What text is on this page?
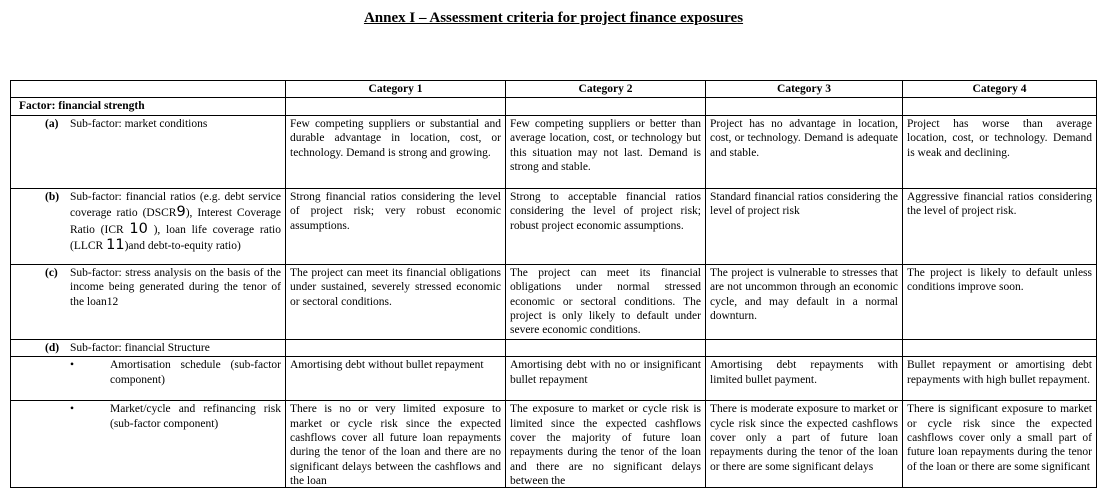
Annex I – Assessment criteria for project finance exposures
	Category 1	Category 2	Category 3	Category 4
Factor: financial strength				

(a) Sub-factor: market conditions	Few competing suppliers or substantial and durable advantage in location, cost, or technology. Demand is strong and growing.	Few competing suppliers or better than average location, cost, or technology but this situation may not last. Demand is strong and stable.	Project has no advantage in location, cost, or technology. Demand is adequate and stable.	Project has worse than average location, cost, or technology. Demand is weak and declining.

(b) Sub-factor: financial ratios (e.g. debt service coverage ratio (DSCR9), Interest Coverage Ratio (ICR 10 ), loan life coverage ratio (LLCR 11)and debt-to-equity ratio)	Strong financial ratios considering the level of project risk; very robust economic assumptions.	Strong to acceptable financial ratios considering the level of project risk; robust project economic assumptions.	Standard financial ratios considering the level of project risk	Aggressive financial ratios considering the level of project risk.

(c) Sub-factor: stress analysis on the basis of the income being generated during the tenor of the loan12	The project can meet its financial obligations under sustained, severely stressed economic or sectoral conditions.	The project can meet its financial obligations under normal stressed economic or sectoral conditions. The project is only likely to default under severe economic conditions.	The project is vulnerable to stresses that are not uncommon through an economic cycle, and may default in a normal downturn.	The project is likely to default unless conditions improve soon.

(d) Sub-factor: financial Structure				

• Amortisation schedule (sub-factor component)	Amortising debt without bullet repayment	Amortising debt with no or insignificant bullet repayment	Amortising debt repayments with limited bullet payment.	Bullet repayment or amortising debt repayments with high bullet repayment.

• Market/cycle and refinancing risk (sub-factor component)	There is no or very limited exposure to market or cycle risk since the expected cashflows cover all future loan repayments during the tenor of the loan and there are no significant delays between the cashflows and the loan	The exposure to market or cycle risk is limited since the expected cashflows cover the majority of future loan repayments during the tenor of the loan and there are no significant delays between the	There is moderate exposure to market or cycle risk since the expected cashflows cover only a part of future loan repayments during the tenor of the loan or there are some significant delays	There is significant exposure to market or cycle risk since the expected cashflows cover only a small part of future loan repayments during the tenor of the loan or there are some significant
